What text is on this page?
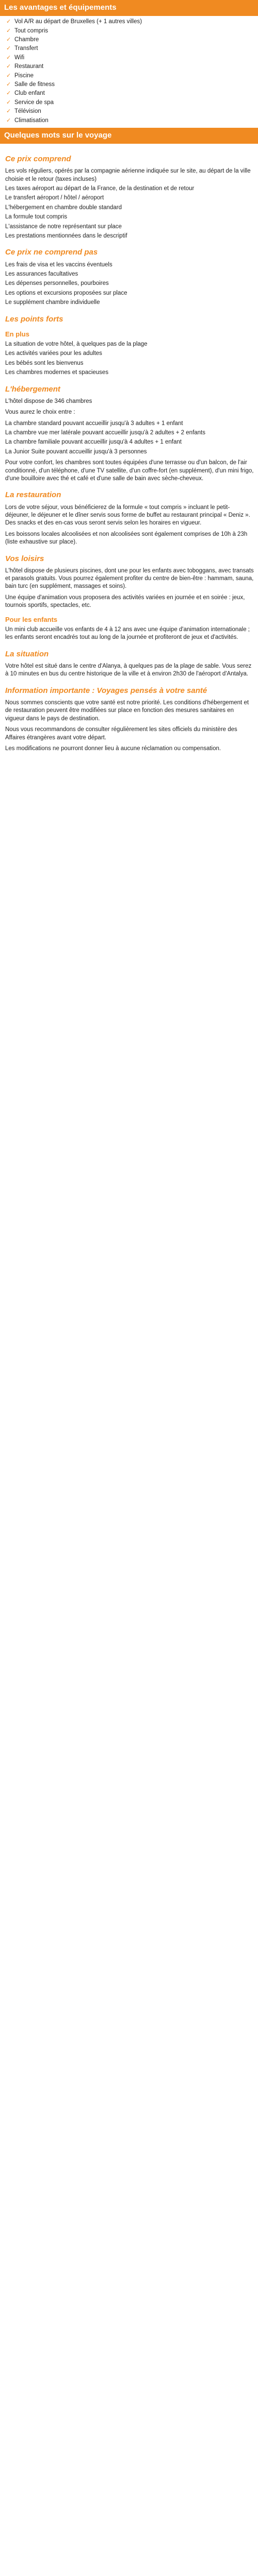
Les avantages et équipements
✓ Vol A/R au départ de Bruxelles (+ 1 autres villes)
✓ Tout compris
✓ Chambre
✓ Transfert
✓ Wifi
✓ Restaurant
✓ Piscine
✓ Salle de fitness
✓ Club enfant
✓ Service de spa
✓ Télévision
✓ Climatisation
Quelques mots sur le voyage
Ce prix comprend
Les vols réguliers, opérés par la compagnie aérienne indiquée sur le site, au départ de la ville choisie et le retour (taxes incluses)
Les taxes aéroport au départ de la France, de la destination et de retour
Le transfert aéroport / hôtel / aéroport
L'hébergement en chambre double standard
La formule tout compris
L'assistance de notre représentant sur place
Les prestations mentionnées dans le descriptif
Ce prix ne comprend pas
Les frais de visa et les vaccins éventuels
Les assurances facultatives
Les dépenses personnelles, pourboires
Les options et excursions proposées sur place
Le supplément chambre individuelle
Les points forts
En plus
La situation de votre hôtel, à quelques pas de la plage
Les activités variées pour les adultes
Les bébés sont les bienvenus
Les chambres modernes et spacieuses
L'hébergement

L'hôtel dispose de 346 chambres

Vous aurez le choix entre :

La chambre standard pouvant accueillir jusqu'à 3 adultes + 1 enfant
La chambre vue mer latérale pouvant accueillir jusqu'à 2 adultes + 2 enfants
La chambre familiale pouvant accueillir jusqu'à 4 adultes + 1 enfant
La Junior Suite pouvant accueillir jusqu'à 3 personnes

Pour votre confort, les chambres sont toutes équipées d'une terrasse ou d'un balcon, de l'air conditionné, d'un téléphone, d'une TV satellite, d'un coffre-fort (en supplément), d'un mini frigo, d'une bouilloire avec thé et café et d'une salle de bain avec sèche-cheveux.

La restauration

Lors de votre séjour, vous bénéficierez de la formule « tout compris » incluant le petit-déjeuner, le déjeuner et le dîner servis sous forme de buffet au restaurant principal « Deniz ». Des snacks et des en-cas vous seront servis selon les horaires en vigueur.

Les boissons locales alcoolisées et non alcoolisées sont également comprises de 10h à 23h (liste exhaustive sur place).

Vos loisirs

L'hôtel dispose de plusieurs piscines, dont une pour les enfants avec toboggans, avec transats et parasols gratuits. Vous pourrez également profiter du centre de bien-être : hammam, sauna, bain turc (en supplément, massages et soins).

Une équipe d'animation vous proposera des activités variées en journée et en soirée : jeux, tournois sportifs, spectacles, etc.

Pour les enfants

Un mini club accueille vos enfants de 4 à 12 ans avec une équipe d'animation internationale ; les enfants seront encadrés tout au long de la journée et profiteront de jeux et d'activités.

La situation

Votre hôtel est situé dans le centre d'Alanya, à quelques pas de la plage de sable. Vous serez à 10 minutes en bus du centre historique de la ville et à environ 2h30 de l'aéroport d'Antalya.

Information importante : Voyages pensés à votre santé

Nous sommes conscients que votre santé est notre priorité. Les conditions d'hébergement et de restauration peuvent être modifiées sur place en fonction des mesures sanitaires en vigueur dans le pays de destination.

Nous vous recommandons de consulter régulièrement les sites officiels du ministère des Affaires étrangères avant votre départ.

Les modifications ne pourront donner lieu à aucune réclamation ou compensation.
